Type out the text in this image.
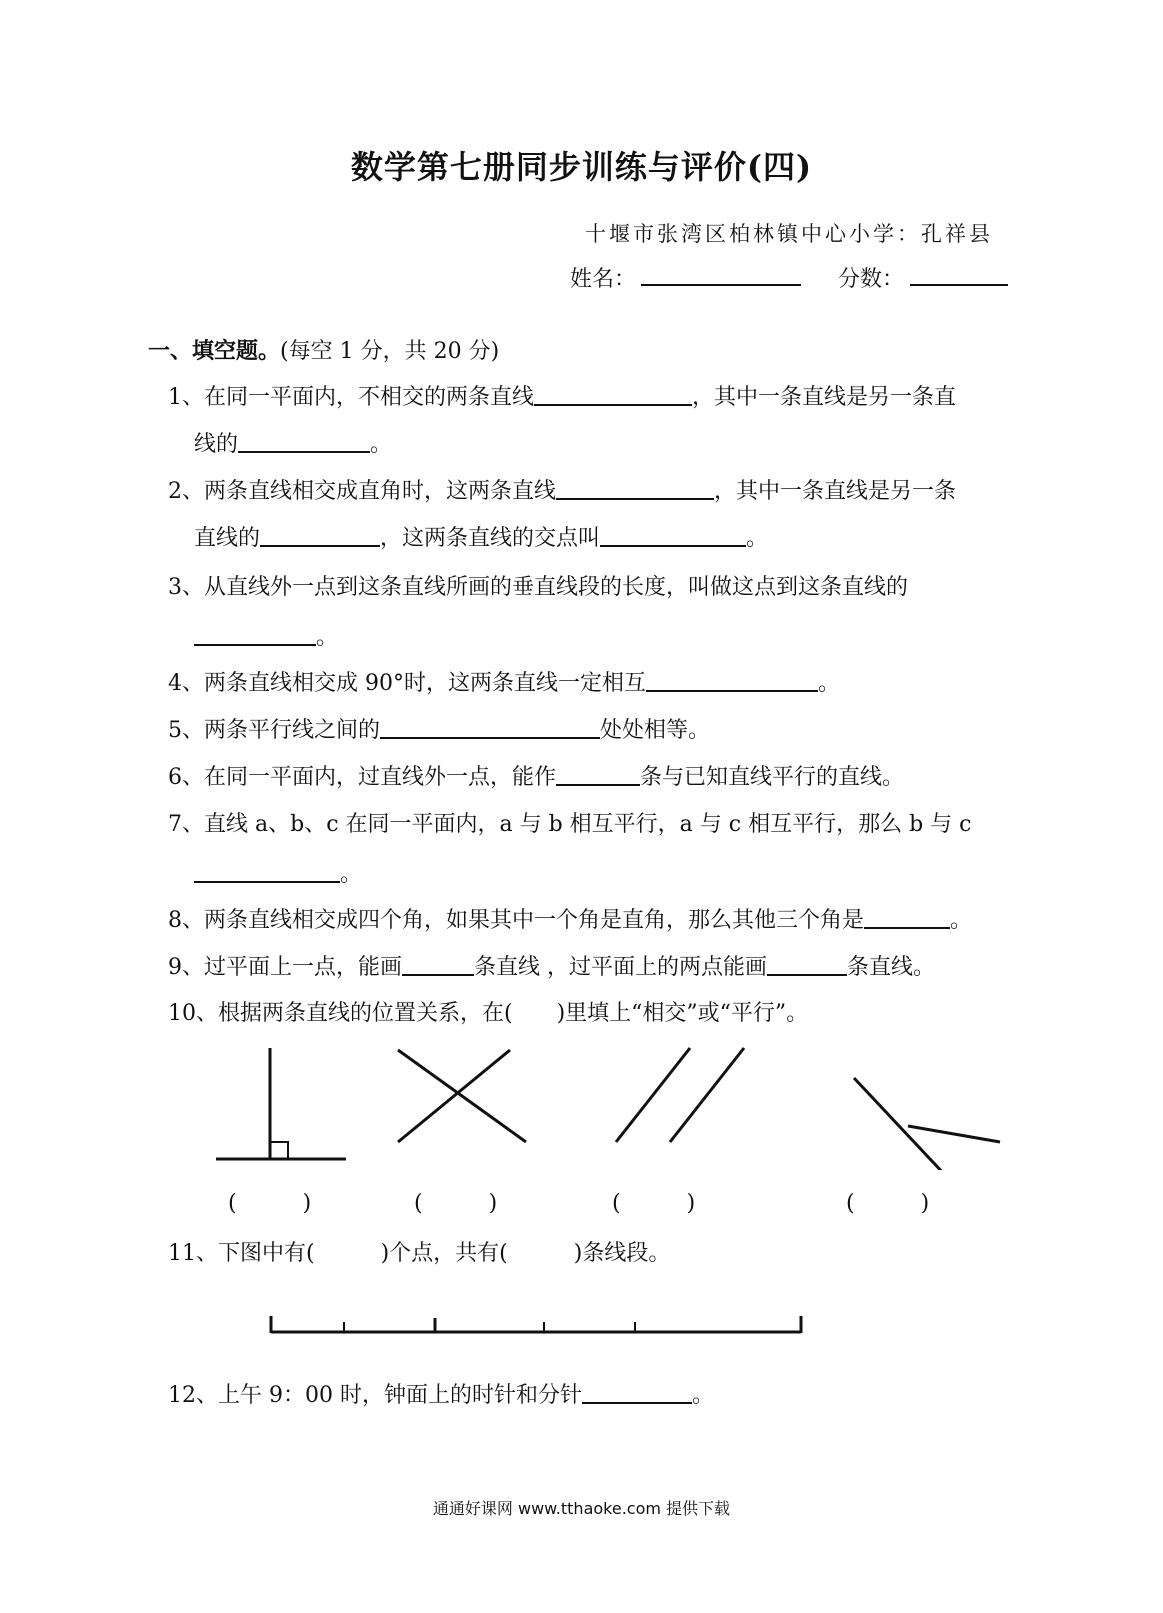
数学第七册同步训练与评价(四)
十堰市张湾区柏林镇中心小学：孔祥县
姓名：	分数：
一、填空题。(每空 1 分，共 20 分)
1、在同一平面内，不相交的两条直线	，其中一条直线是另一条直
线的	。
2、两条直线相交成直角时，这两条直线	，其中一条直线是另一条
直线的	，这两条直线的交点叫	。
3、从直线外一点到这条直线所画的垂直线段的长度，叫做这点到这条直线的
。
4、两条直线相交成 90°时，这两条直线一定相互	。
5、两条平行线之间的	处处相等。
6、在同一平面内，过直线外一点，能作	条与已知直线平行的直线。
7、直线 a、b、c 在同一平面内，a 与 b 相互平行，a 与 c 相互平行，那么 b 与 c
。
8、两条直线相交成四个角，如果其中一个角是直角，那么其他三个角是	。
9、过平面上一点，能画	条直线 ，过平面上的两点能画	条直线。
10、根据两条直线的位置关系，在(　　)里填上“相交”或“平行”。
(　　　)	(　　　)	(　　　)	(　　　)
11、下图中有(　　　)个点，共有(　　　)条线段。
12、上午 9：00 时，钟面上的时针和分针	。
通通好课网 www.tthaoke.com 提供下载
